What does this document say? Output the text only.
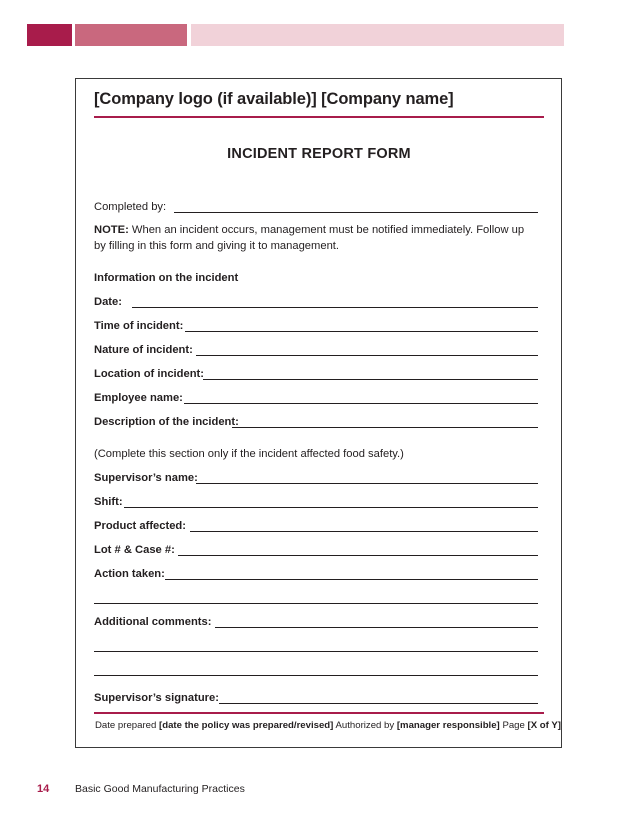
[Company logo (if available)] [Company name]
INCIDENT REPORT FORM
Completed by:
NOTE: When an incident occurs, management must be notified immediately. Follow up
by filling in this form and giving it to management.
Information on the incident
Date:
Time of incident:
Nature of incident:
Location of incident:
Employee name:
Description of the incident:
(Complete this section only if the incident affected food safety.)
Supervisor’s name:
Shift:
Product affected:
Lot # & Case #:
Action taken:
Additional comments:
Supervisor’s signature:
Date prepared [date the policy was prepared/revised] Authorized by [manager responsible] Page [X of Y]
14 Basic Good Manufacturing Practices
